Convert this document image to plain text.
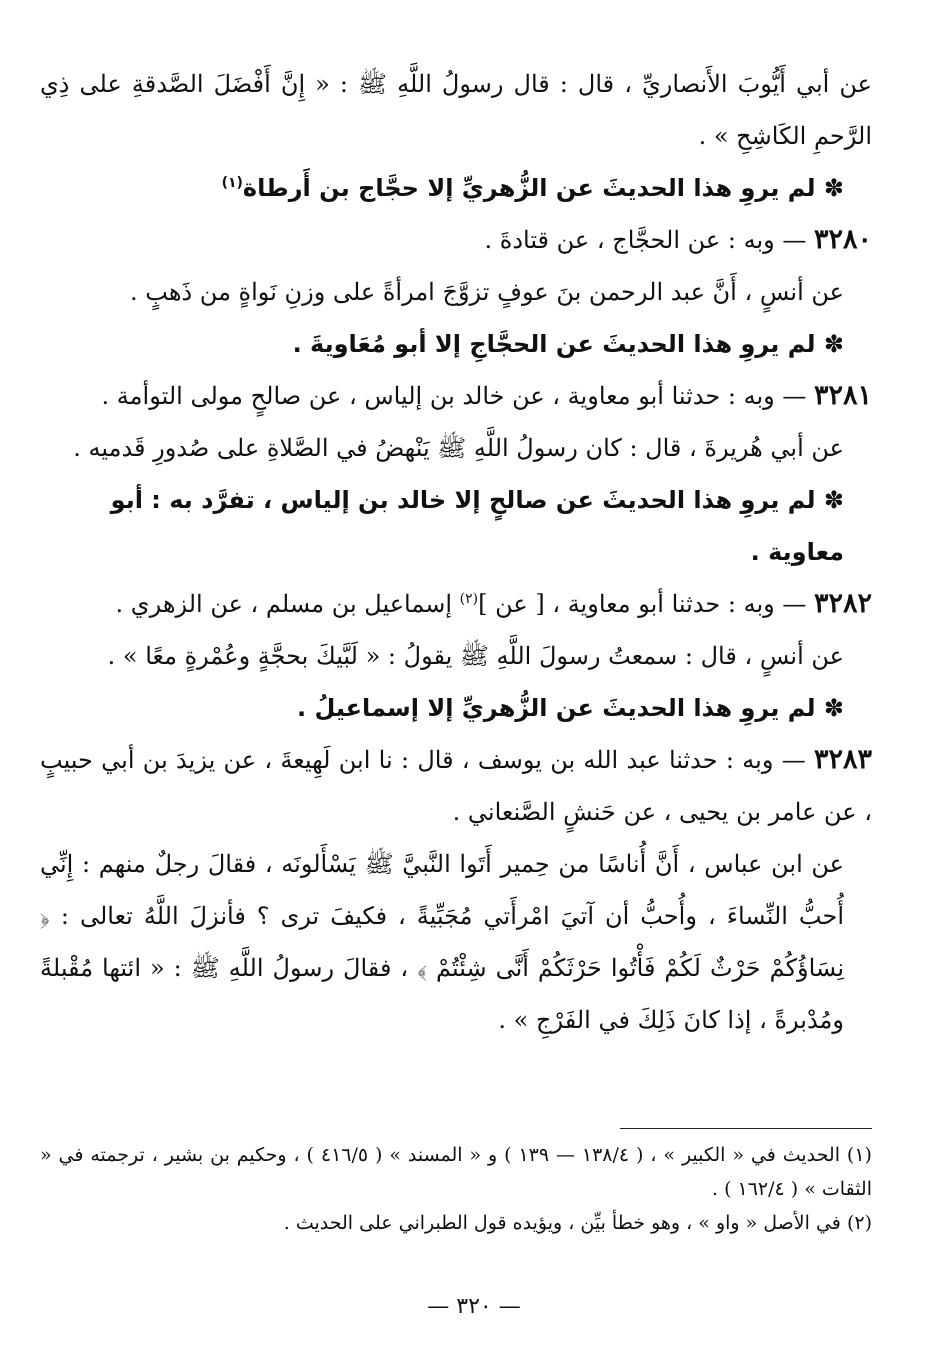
عن أبي أَيُّوبَ الأَنصاريِّ ، قال : قال رسولُ اللَّهِ ﷺ : « إِنَّ أَفْضَلَ الصَّدقةِ على ذِي الرَّحمِ الكَاشِحِ » .

✽ لم يروِ هذا الحديثَ عن الزُّهريِّ إلا حجَّاج بن أَرطاة$^{(١)}$

٣٢٨٠ — وبه : عن الحجَّاج ، عن قتادةَ .

عن أنسٍ ، أَنَّ عبد الرحمن بنَ عوفٍ تزوَّجَ امرأةً على وزنِ نَواةٍ من ذَهبٍ .

✽ لم يروِ هذا الحديثَ عن الحجَّاجِ إلا أبو مُعَاويةَ .

٣٢٨١ — وبه : حدثنا أبو معاوية ، عن خالد بن إلياس ، عن صالحٍ مولى التوأمة .

عن أبي هُريرةَ ، قال : كان رسولُ اللَّهِ ﷺ يَنْهضُ في الصَّلاةِ على صُدورِ قَدميه .

✽ لم يروِ هذا الحديثَ عن صالحٍ إلا خالد بن إلياس ، تفرَّد به : أبو معاوية .

٣٢٨٢ — وبه : حدثنا أبو معاوية ، [ عن ]$^{(٢)}$ إسماعيل بن مسلم ، عن الزهري .

عن أنسٍ ، قال : سمعتُ رسولَ اللَّهِ ﷺ يقولُ : « لَبَّيكَ بحجَّةٍ وعُمْرةٍ معًا » .

✽ لم يروِ هذا الحديثَ عن الزُّهريِّ إلا إسماعيلُ .

٣٢٨٣ — وبه : حدثنا عبد الله بن يوسف ، قال : نا ابن لَهِيعةَ ، عن يزيدَ بن أبي حبيبٍ ، عن عامر بن يحيى ، عن حَنشٍ الصَّنعاني .

عن ابن عباس ، أَنَّ أُناسًا من حِمير أَتَوا النَّبيَّ ﷺ يَسْأَلونَه ، فقالَ رجلٌ منهم : إِنِّي أُحبُّ النِّساءَ ، وأُحبُّ أن آتيَ امْرأَتي مُجَبِّيةً ، فكيفَ ترى ؟ فأنزلَ اللَّهُ تعالى : ﴿ نِسَاؤُكُمْ حَرْثٌ لَكُمْ فَأْتُوا حَرْثَكُمْ أَنَّى شِئْتُمْ ﴾ ، فقالَ رسولُ اللَّهِ ﷺ : « ائتها مُقْبلةً ومُدْبرةً ، إذا كانَ ذَلِكَ في الفَرْجِ » .

(١) الحديث في « الكبير » ، ( ١٣٨/٤ — ١٣٩ ) و « المسند » ( ٤١٦/٥ ) ، وحكيم بن بشير ، ترجمته في « الثقات » ( ١٦٢/٤ ) .

(٢) في الأصل « واو » ، وهو خطأ بيِّن ، ويؤيده قول الطبراني على الحديث .

— ٣٢٠ —
